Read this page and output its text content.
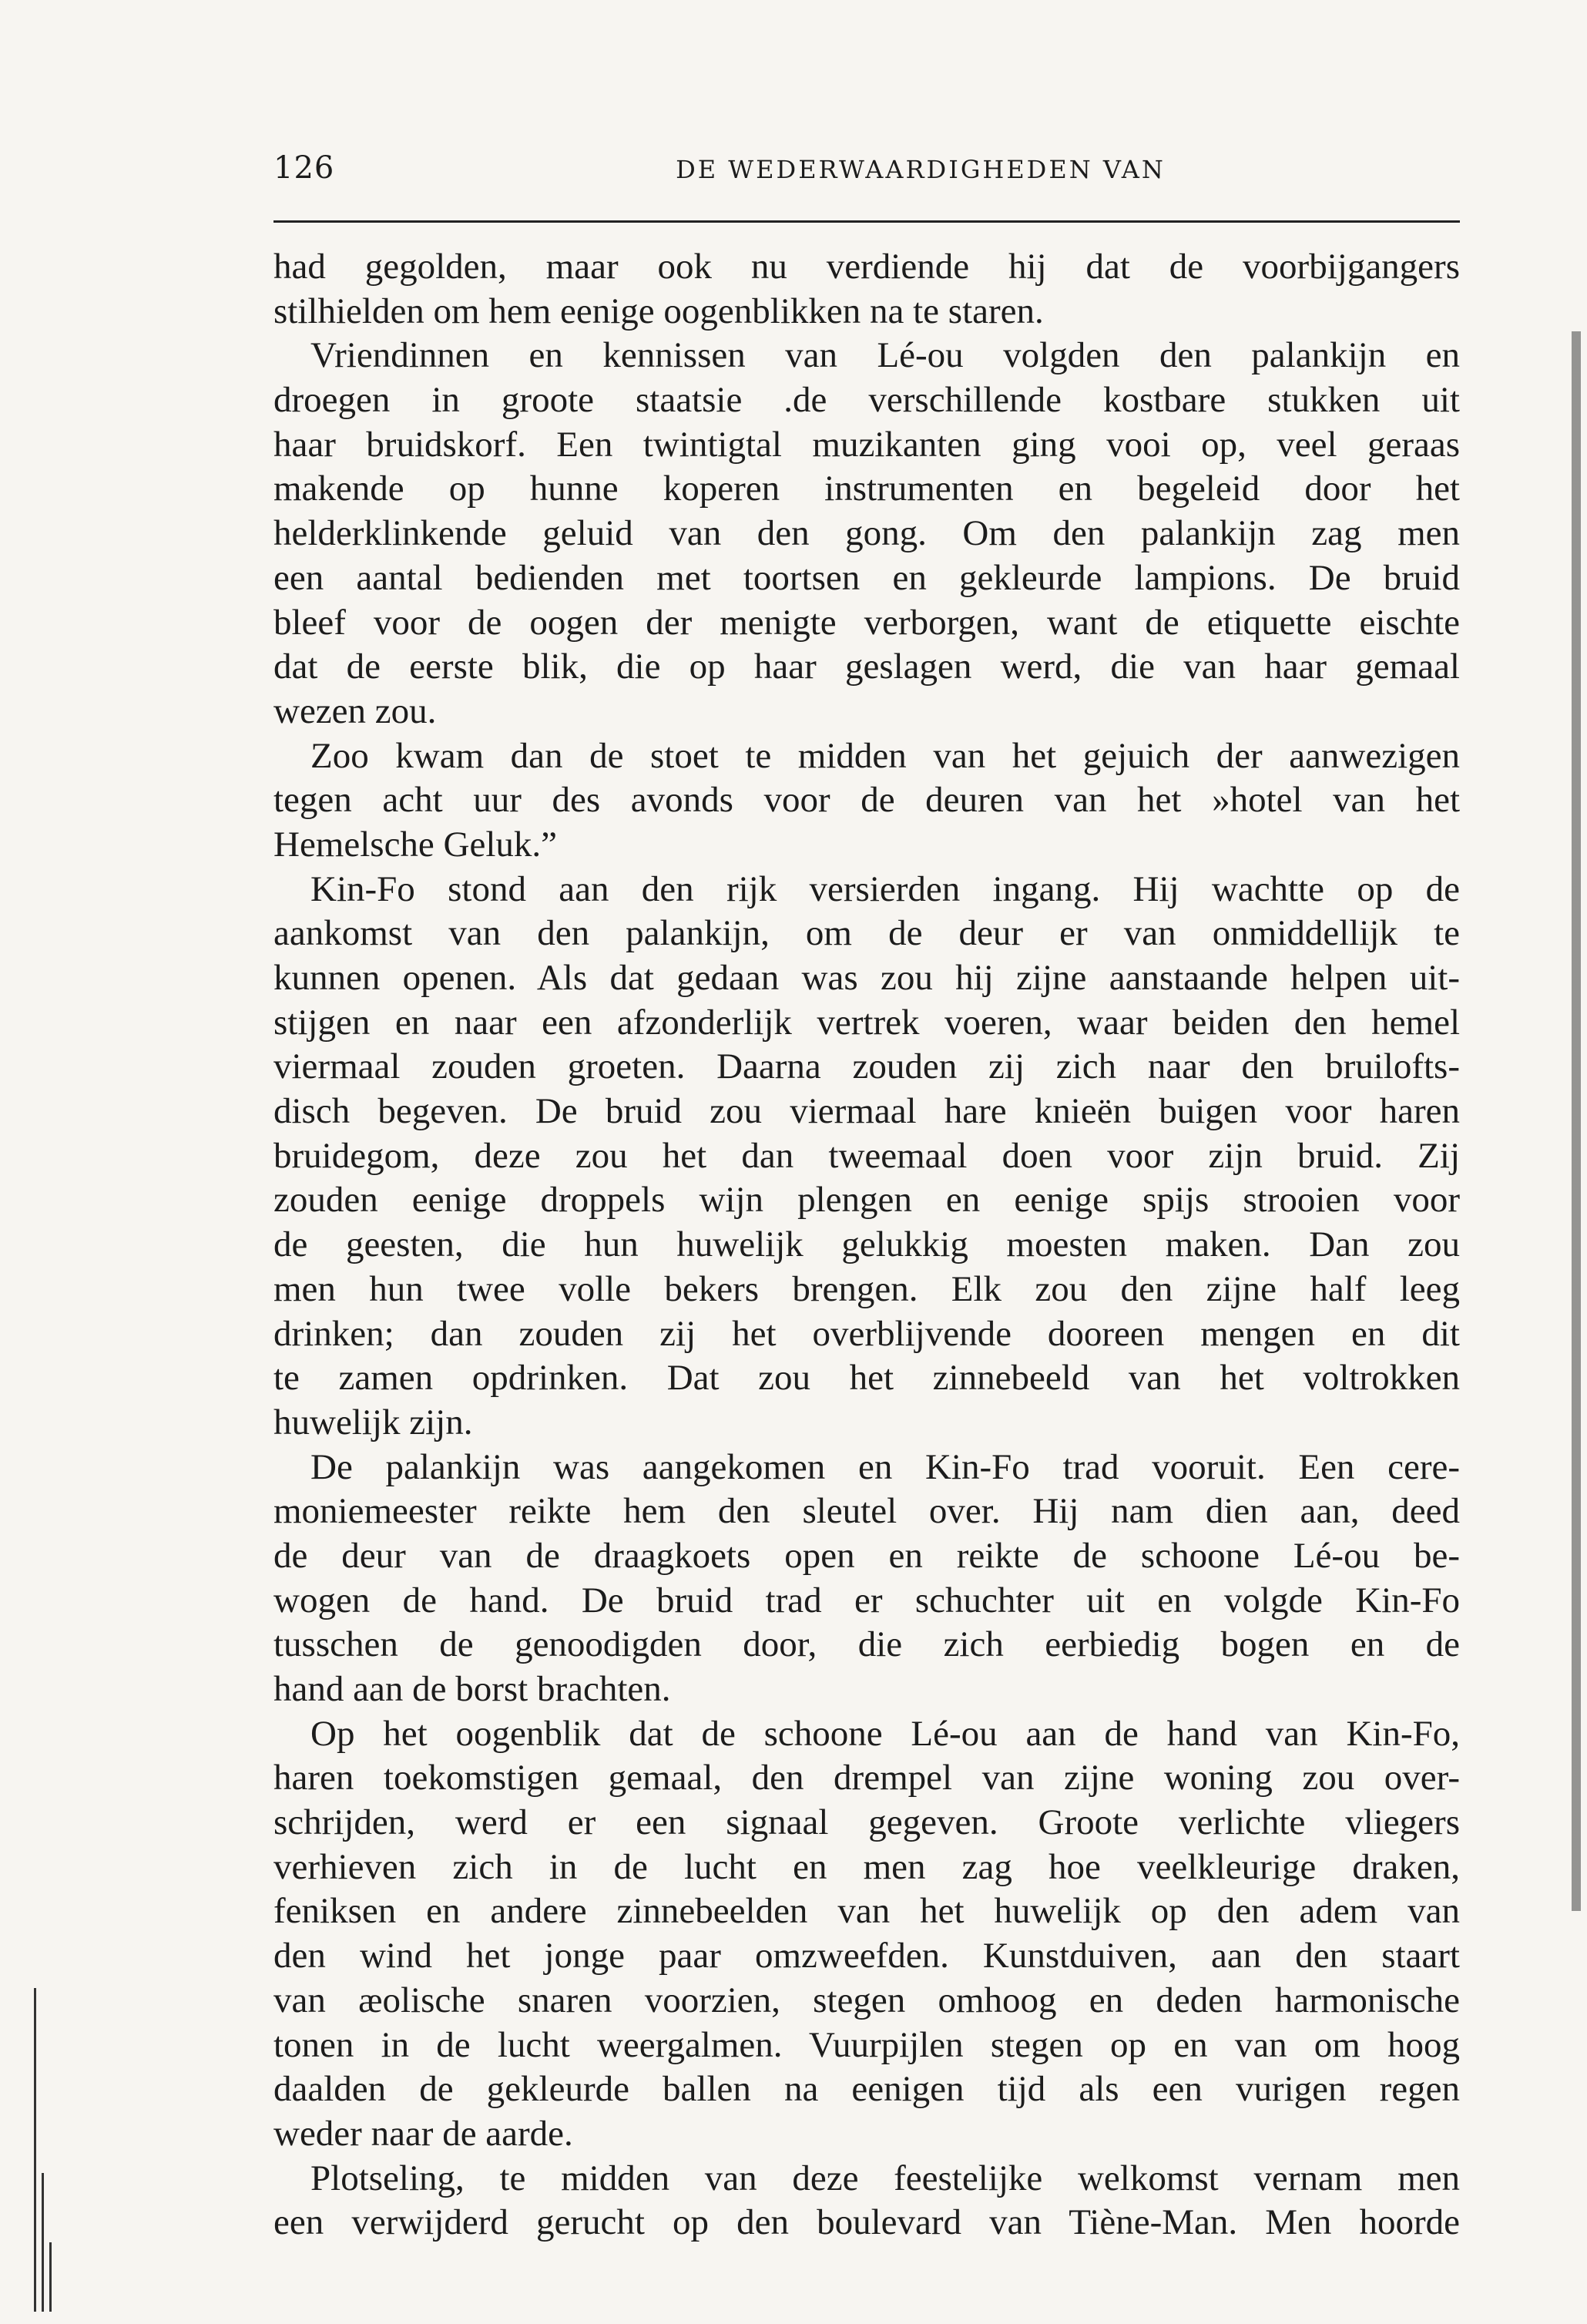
126	DE WEDERWAARDIGHEDEN VAN
had gegolden, maar ook nu verdiende hij dat de voorbijgangers
stilhielden om hem eenige oogenblikken na te staren.
Vriendinnen en kennissen van Lé-ou volgden den palankijn en
droegen in groote staatsie .de verschillende kostbare stukken uit
haar bruidskorf. Een twintigtal muzikanten ging vooi op, veel geraas
makende op hunne koperen instrumenten en begeleid door het
helderklinkende geluid van den gong. Om den palankijn zag men
een aantal bedienden met toortsen en gekleurde lampions. De bruid
bleef voor de oogen der menigte verborgen, want de etiquette eischte
dat de eerste blik, die op haar geslagen werd, die van haar gemaal
wezen zou.
Zoo kwam dan de stoet te midden van het gejuich der aanwezigen
tegen acht uur des avonds voor de deuren van het »hotel van het
Hemelsche Geluk.”
Kin-Fo stond aan den rijk versierden ingang. Hij wachtte op de
aankomst van den palankijn, om de deur er van onmiddellijk te
kunnen openen. Als dat gedaan was zou hij zijne aanstaande helpen uit-
stijgen en naar een afzonderlijk vertrek voeren, waar beiden den hemel
viermaal zouden groeten. Daarna zouden zij zich naar den bruilofts-
disch begeven. De bruid zou viermaal hare knieën buigen voor haren
bruidegom, deze zou het dan tweemaal doen voor zijn bruid. Zij
zouden eenige droppels wijn plengen en eenige spijs strooien voor
de geesten, die hun huwelijk gelukkig moesten maken. Dan zou
men hun twee volle bekers brengen. Elk zou den zijne half leeg
drinken; dan zouden zij het overblijvende dooreen mengen en dit
te zamen opdrinken. Dat zou het zinnebeeld van het voltrokken
huwelijk zijn.
De palankijn was aangekomen en Kin-Fo trad vooruit. Een cere-
moniemeester reikte hem den sleutel over. Hij nam dien aan, deed
de deur van de draagkoets open en reikte de schoone Lé-ou be-
wogen de hand. De bruid trad er schuchter uit en volgde Kin-Fo
tusschen de genoodigden door, die zich eerbiedig bogen en de
hand aan de borst brachten.
Op het oogenblik dat de schoone Lé-ou aan de hand van Kin-Fo,
haren toekomstigen gemaal, den drempel van zijne woning zou over-
schrijden, werd er een signaal gegeven. Groote verlichte vliegers
verhieven zich in de lucht en men zag hoe veelkleurige draken,
feniksen en andere zinnebeelden van het huwelijk op den adem van
den wind het jonge paar omzweefden. Kunstduiven, aan den staart
van æolische snaren voorzien, stegen omhoog en deden harmonische
tonen in de lucht weergalmen. Vuurpijlen stegen op en van om hoog
daalden de gekleurde ballen na eenigen tijd als een vurigen regen
weder naar de aarde.
Plotseling, te midden van deze feestelijke welkomst vernam men
een verwijderd gerucht op den boulevard van Tiène-Man. Men hoorde
